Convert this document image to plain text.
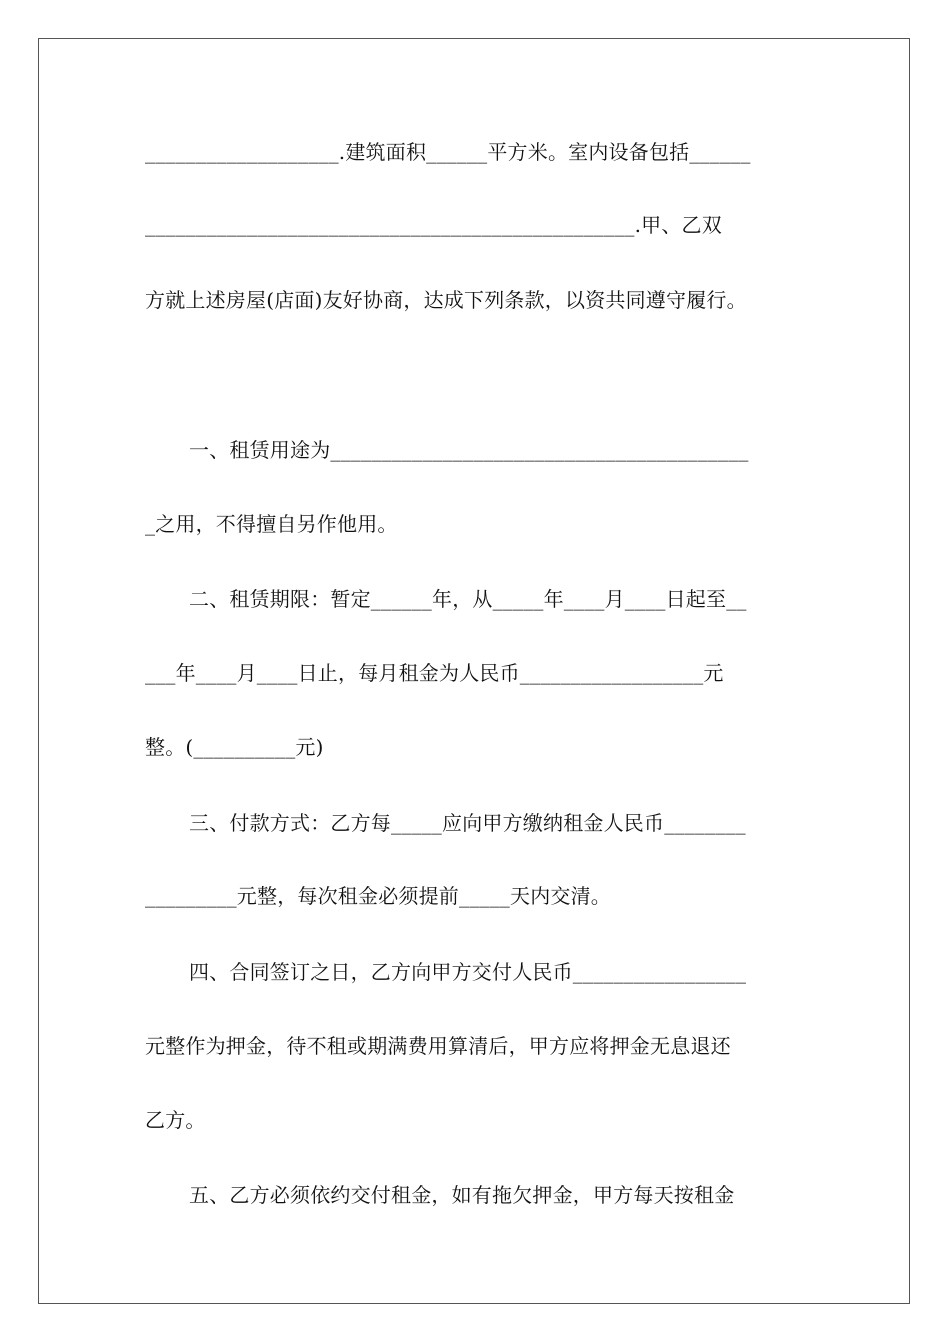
___________________.建筑面积______平方米。室内设备包括______
________________________________________________.甲、乙双
方就上述房屋(店面)友好协商，达成下列条款，以资共同遵守履行。
一、租赁用途为_________________________________________
_之用，不得擅自另作他用。
二、租赁期限：暂定______年，从_____年____月____日起至__
___年____月____日止，每月租金为人民币__________________元
整。(__________元)
三、付款方式：乙方每_____应向甲方缴纳租金人民币________
_________元整，每次租金必须提前_____天内交清。
四、合同签订之日，乙方向甲方交付人民币_________________
元整作为押金，待不租或期满费用算清后，甲方应将押金无息退还
乙方。
五、乙方必须依约交付租金，如有拖欠押金，甲方每天按租金
